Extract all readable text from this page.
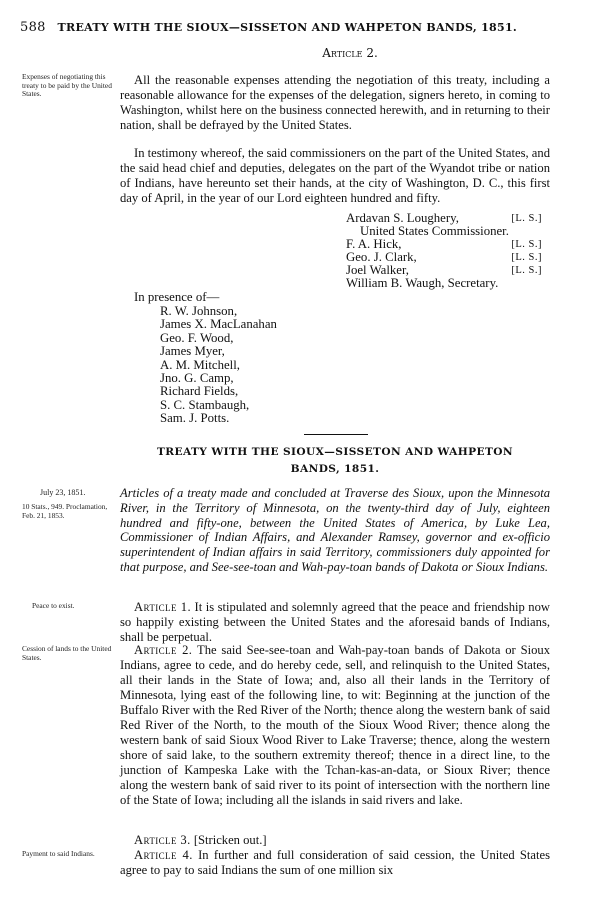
588 TREATY WITH THE SIOUX—SISSETON AND WAHPETON BANDS, 1851.
Article 2.
Expenses of negotiating this treaty to be paid by the United States.
All the reasonable expenses attending the negotiation of this treaty, including a reasonable allowance for the expenses of the delegation, signers hereto, in coming to Washington, whilst here on the business connected herewith, and in returning to their nation, shall be defrayed by the United States.
In testimony whereof, the said commissioners on the part of the United States, and the said head chief and deputies, delegates on the part of the Wyandot tribe or nation of Indians, have hereunto set their hands, at the city of Washington, D. C., this first day of April, in the year of our Lord eighteen hundred and fifty.
Ardavan S. Loughery,	[L. S.]
United States Commissioner.
F. A. Hick,	[L. S.]
Geo. J. Clark,	[L. S.]
Joel Walker,	[L. S.]
William B. Waugh, Secretary.
In presence of—
R. W. Johnson,
James X. MacLanahan
Geo. F. Wood,
James Myer,
A. M. Mitchell,
Jno. G. Camp,
Richard Fields,
S. C. Stambaugh,
Sam. J. Potts.
TREATY WITH THE SIOUX—SISSETON AND WAHPETON
BANDS, 1851.
July 23, 1851.
10 Stats., 949. Proclamation, Feb. 21, 1853.
Articles of a treaty made and concluded at Traverse des Sioux, upon the Minnesota River, in the Territory of Minnesota, on the twenty-third day of July, eighteen hundred and fifty-one, between the United States of America, by Luke Lea, Commissioner of Indian Affairs, and Alexander Ramsey, governor and ex-officio superintendent of Indian affairs in said Territory, commissioners duly appointed for that purpose, and See-see-toan and Wah-pay-toan bands of Dakota or Sioux Indians.
Peace to exist.	Article 1. It is stipulated and solemnly agreed that the peace and friendship now so happily existing between the United States and the aforesaid bands of Indians, shall be perpetual.
Cession of lands to the United States.
Article 2. The said See-see-toan and Wah-pay-toan bands of Dakota or Sioux Indians, agree to cede, and do hereby cede, sell, and relinquish to the United States, all their lands in the State of Iowa; and, also all their lands in the Territory of Minnesota, lying east of the following line, to wit: Beginning at the junction of the Buffalo River with the Red River of the North; thence along the western bank of said Red River of the North, to the mouth of the Sioux Wood River; thence along the western bank of said Sioux Wood River to Lake Traverse; thence, along the western shore of said lake, to the southern extremity thereof; thence in a direct line, to the junction of Kampeska Lake with the Tchan-kas-an-data, or Sioux River; thence along the western bank of said river to its point of intersection with the northern line of the State of Iowa; including all the islands in said rivers and lake.
Article 3. [Stricken out.]
Payment to said Indians.	Article 4. In further and full consideration of said cession, the United States agree to pay to said Indians the sum of one million six
